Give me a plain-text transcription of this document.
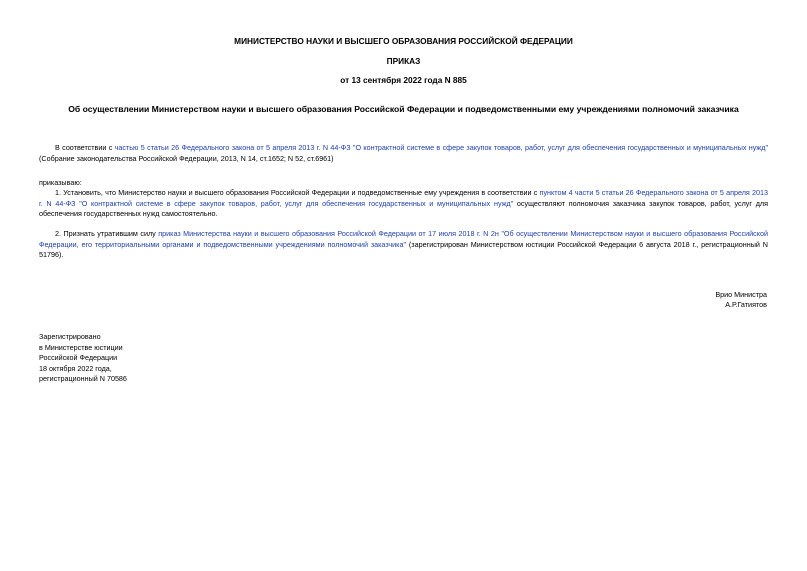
МИНИСТЕРСТВО НАУКИ И ВЫСШЕГО ОБРАЗОВАНИЯ РОССИЙСКОЙ ФЕДЕРАЦИИ

ПРИКАЗ

от 13 сентября 2022 года N 885

Об осуществлении Министерством науки и высшего образования Российской Федерации и подведомственными ему учреждениями полномочий заказчика

В соответствии с частью 5 статьи 26 Федерального закона от 5 апреля 2013 г. N 44-ФЗ "О контрактной системе в сфере закупок товаров, работ, услуг для обеспечения государственных и муниципальных нужд" (Собрание законодательства Российской Федерации, 2013, N 14, ст.1652; N 52, ст.6961)

приказываю:

1. Установить, что Министерство науки и высшего образования Российской Федерации и подведомственные ему учреждения в соответствии с пунктом 4 части 5 статьи 26 Федерального закона от 5 апреля 2013 г. N 44-ФЗ "О контрактной системе в сфере закупок товаров, работ, услуг для обеспечения государственных и муниципальных нужд" осуществляют полномочия заказчика закупок товаров, работ, услуг для обеспечения государственных нужд самостоятельно.

2. Признать утратившим силу приказ Министерства науки и высшего образования Российской Федерации от 17 июля 2018 г. N 2н "Об осуществлении Министерством науки и высшего образования Российской Федерации, его территориальными органами и подведомственными учреждениями полномочий заказчика" (зарегистрирован Министерством юстиции Российской Федерации 6 августа 2018 г., регистрационный N 51796).

Врио Министра

А.Р.Гатиятов

Зарегистрировано
в Министерстве юстиции
Российской Федерации
18 октября 2022 года,
регистрационный N 70586
